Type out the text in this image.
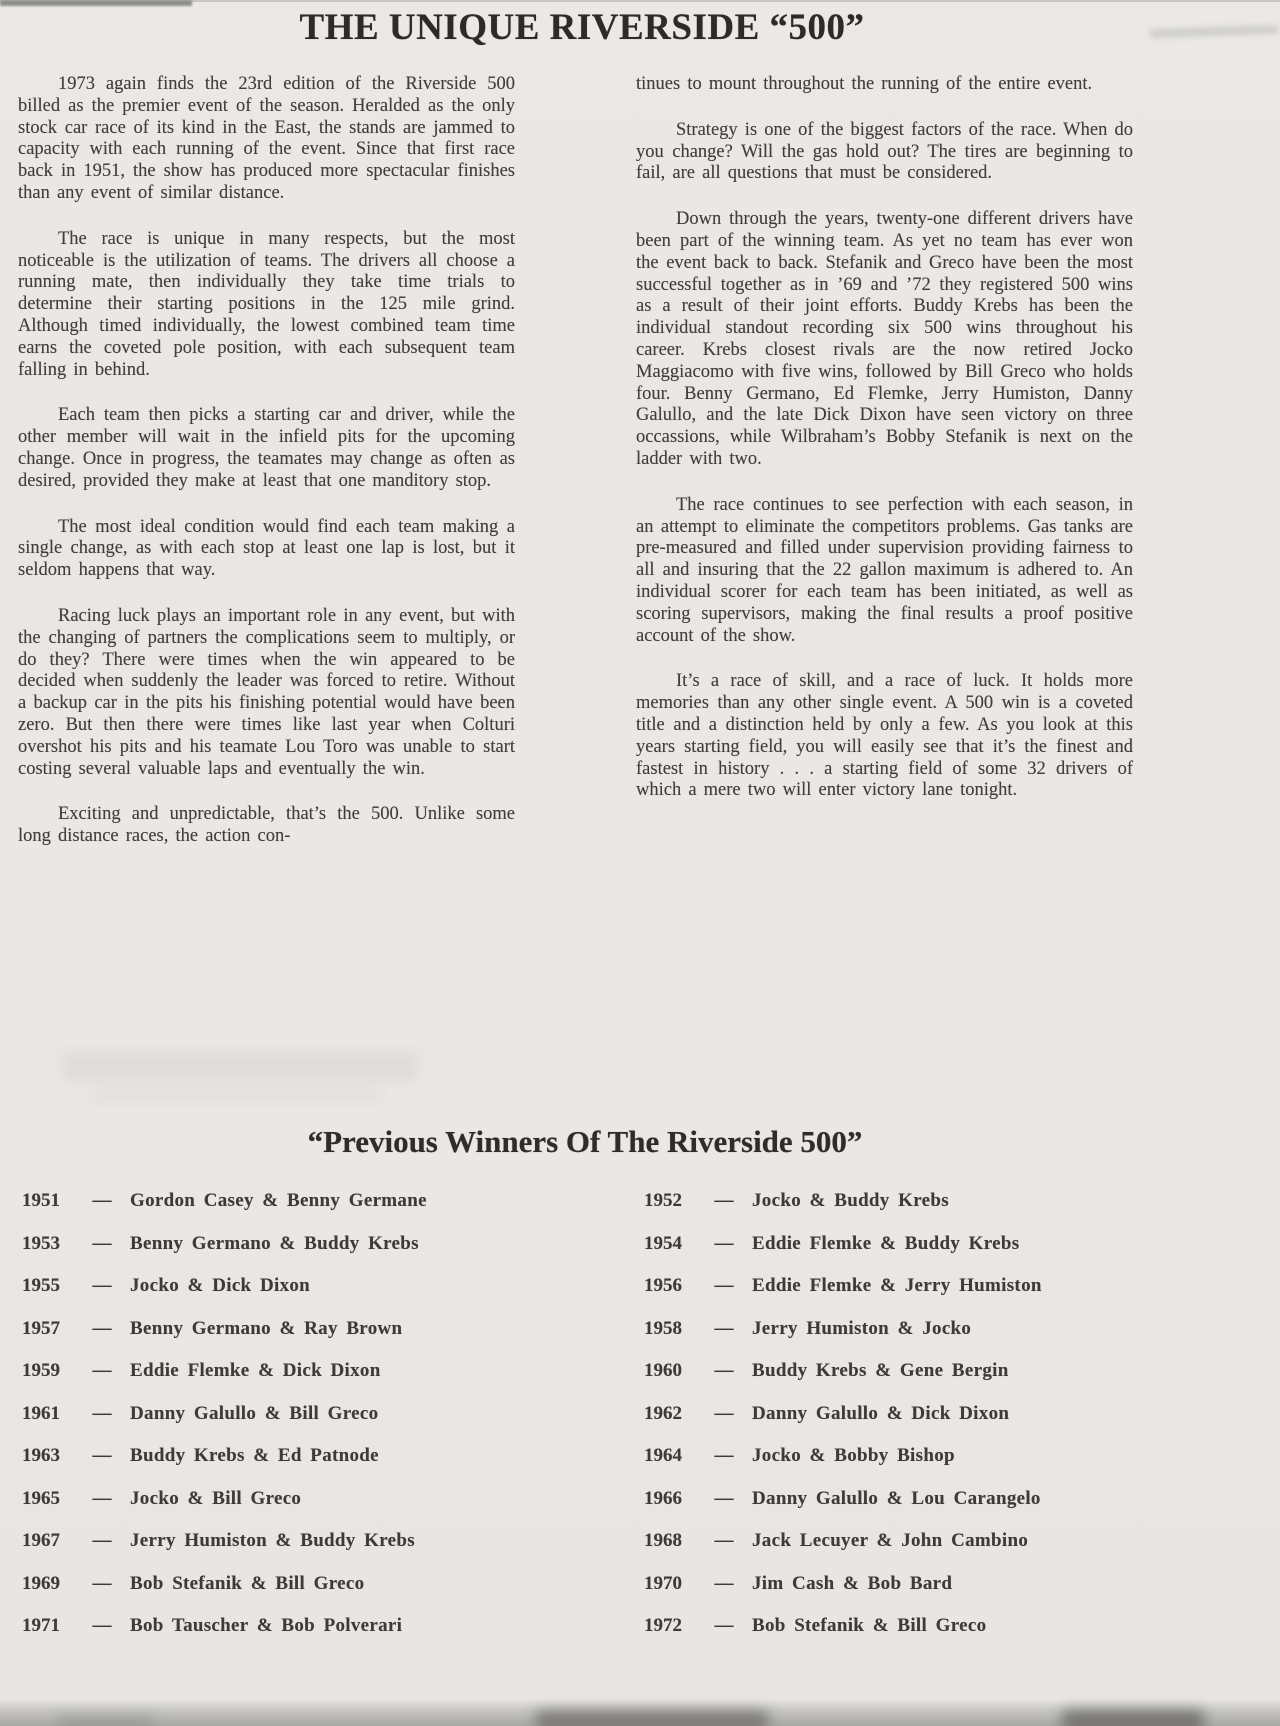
THE UNIQUE RIVERSIDE “500”

1973 again finds the 23rd edition of the Riverside 500 billed as the premier event of the season. Heralded as the only stock car race of its kind in the East, the stands are jammed to capacity with each running of the event. Since that first race back in 1951, the show has produced more spectacular finishes than any event of similar distance.

The race is unique in many respects, but the most noticeable is the utilization of teams. The drivers all choose a running mate, then individually they take time trials to determine their starting positions in the 125 mile grind. Although timed individually, the lowest combined team time earns the coveted pole position, with each subsequent team falling in behind.

Each team then picks a starting car and driver, while the other member will wait in the infield pits for the upcoming change. Once in progress, the teamates may change as often as desired, provided they make at least that one manditory stop.

The most ideal condition would find each team making a single change, as with each stop at least one lap is lost, but it seldom happens that way.

Racing luck plays an important role in any event, but with the changing of partners the complications seem to multiply, or do they? There were times when the win appeared to be decided when suddenly the leader was forced to retire. Without a backup car in the pits his finishing potential would have been zero. But then there were times like last year when Colturi overshot his pits and his teamate Lou Toro was unable to start costing several valuable laps and eventually the win.

Exciting and unpredictable, that’s the 500. Unlike some long distance races, the action con-

tinues to mount throughout the running of the entire event.

Strategy is one of the biggest factors of the race. When do you change? Will the gas hold out? The tires are beginning to fail, are all questions that must be considered.

Down through the years, twenty-one different drivers have been part of the winning team. As yet no team has ever won the event back to back. Stefanik and Greco have been the most successful together as in ’69 and ’72 they registered 500 wins as a result of their joint efforts. Buddy Krebs has been the individual standout recording six 500 wins throughout his career. Krebs closest rivals are the now retired Jocko Maggiacomo with five wins, followed by Bill Greco who holds four. Benny Germano, Ed Flemke, Jerry Humiston, Danny Galullo, and the late Dick Dixon have seen victory on three occassions, while Wilbraham’s Bobby Stefanik is next on the ladder with two.

The race continues to see perfection with each season, in an attempt to eliminate the competitors problems. Gas tanks are pre-measured and filled under supervision providing fairness to all and insuring that the 22 gallon maximum is adhered to. An individual scorer for each team has been initiated, as well as scoring supervisors, making the final results a proof positive account of the show.

It’s a race of skill, and a race of luck. It holds more memories than any other single event. A 500 win is a coveted title and a distinction held by only a few. As you look at this years starting field, you will easily see that it’s the finest and fastest in history . . . a starting field of some 32 drivers of which a mere two will enter victory lane tonight.

“Previous Winners Of The Riverside 500”
1951	— Gordon Casey & Benny Germane
1953	— Benny Germano & Buddy Krebs
1955	— Jocko & Dick Dixon
1957	— Benny Germano & Ray Brown
1959	— Eddie Flemke & Dick Dixon
1961	— Danny Galullo & Bill Greco
1963	— Buddy Krebs & Ed Patnode
1965	— Jocko & Bill Greco
1967	— Jerry Humiston & Buddy Krebs
1969	— Bob Stefanik & Bill Greco
1971	— Bob Tauscher & Bob Polverari
1952	— Jocko & Buddy Krebs
1954	— Eddie Flemke & Buddy Krebs
1956	— Eddie Flemke & Jerry Humiston
1958	— Jerry Humiston & Jocko
1960	— Buddy Krebs & Gene Bergin
1962	— Danny Galullo & Dick Dixon
1964	— Jocko & Bobby Bishop
1966	— Danny Galullo & Lou Carangelo
1968	— Jack Lecuyer & John Cambino
1970	— Jim Cash & Bob Bard
1972	— Bob Stefanik & Bill Greco
